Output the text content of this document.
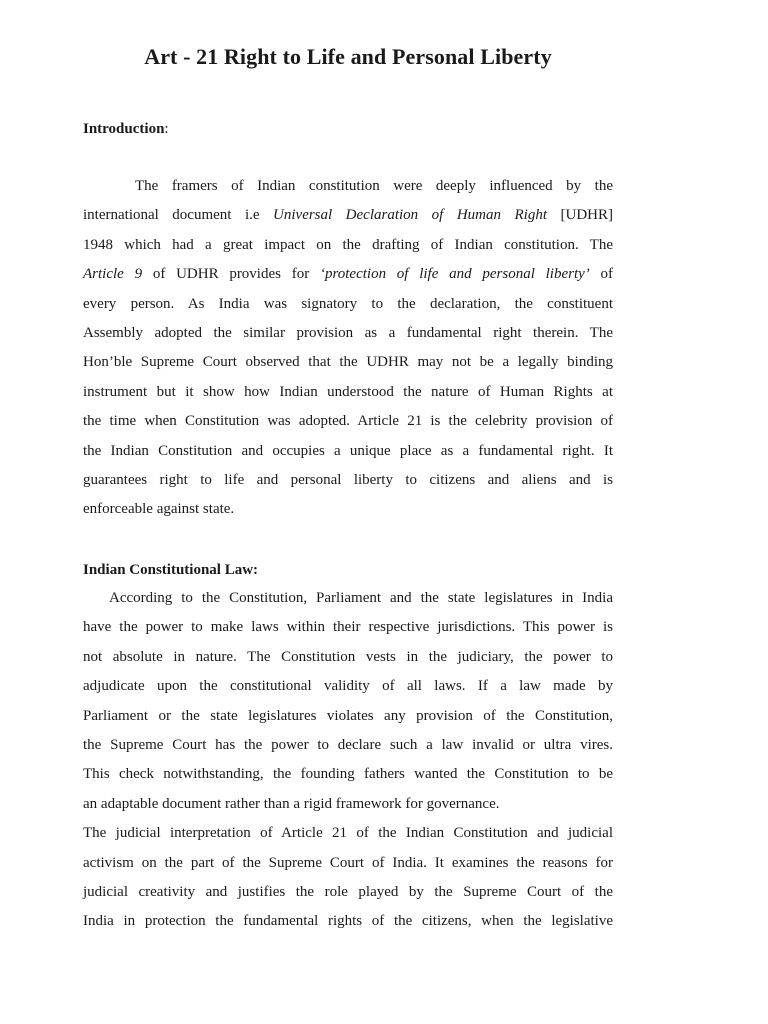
Art - 21 Right to Life and Personal Liberty

Introduction:

The framers of Indian constitution were deeply influenced by the
international document i.e Universal Declaration of Human Right [UDHR]
1948 which had a great impact on the drafting of Indian constitution. The
Article 9 of UDHR provides for ‘protection of life and personal liberty’ of
every person. As India was signatory to the declaration, the constituent
Assembly adopted the similar provision as a fundamental right therein. The
Hon’ble Supreme Court observed that the UDHR may not be a legally binding
instrument but it show how Indian understood the nature of Human Rights at
the time when Constitution was adopted. Article 21 is the celebrity provision of
the Indian Constitution and occupies a unique place as a fundamental right. It
guarantees right to life and personal liberty to citizens and aliens and is
enforceable against state.

Indian Constitutional Law:

According to the Constitution, Parliament and the state legislatures in India
have the power to make laws within their respective jurisdictions. This power is
not absolute in nature. The Constitution vests in the judiciary, the power to
adjudicate upon the constitutional validity of all laws. If a law made by
Parliament or the state legislatures violates any provision of the Constitution,
the Supreme Court has the power to declare such a law invalid or ultra vires.
This check notwithstanding, the founding fathers wanted the Constitution to be
an adaptable document rather than a rigid framework for governance.
The judicial interpretation of Article 21 of the Indian Constitution and judicial
activism on the part of the Supreme Court of India. It examines the reasons for
judicial creativity and justifies the role played by the Supreme Court of the
India in protection the fundamental rights of the citizens, when the legislative
